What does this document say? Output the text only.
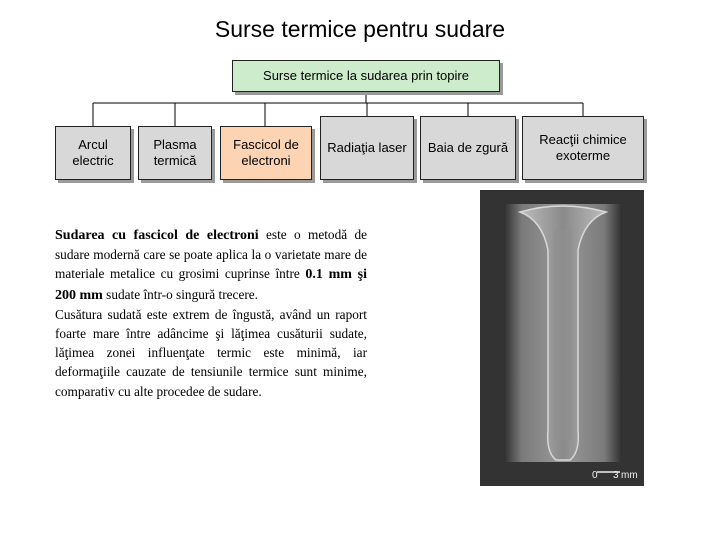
Surse termice pentru sudare
Surse termice la sudarea prin topire
Arcul electric
Plasma termică
Fascicol de electroni
Radiaţia laser Baia de zgură
Reacţii chimice exoterme

Sudarea cu fascicol de electroni este o metodă de sudare modernă care se poate aplica la o varietate mare de materiale metalice cu grosimi cuprinse între 0.1 mm şi 200 mm sudate într-o singură trecere.
Cusătura sudată este extrem de îngustă, având un raport foarte mare între adâncime şi lăţimea cusăturii sudate, lăţimea zonei influenţate termic este minimă, iar deformaţiile cauzate de tensiunile termice sunt minime, comparativ cu alte procedee de sudare.

0 3 mm
